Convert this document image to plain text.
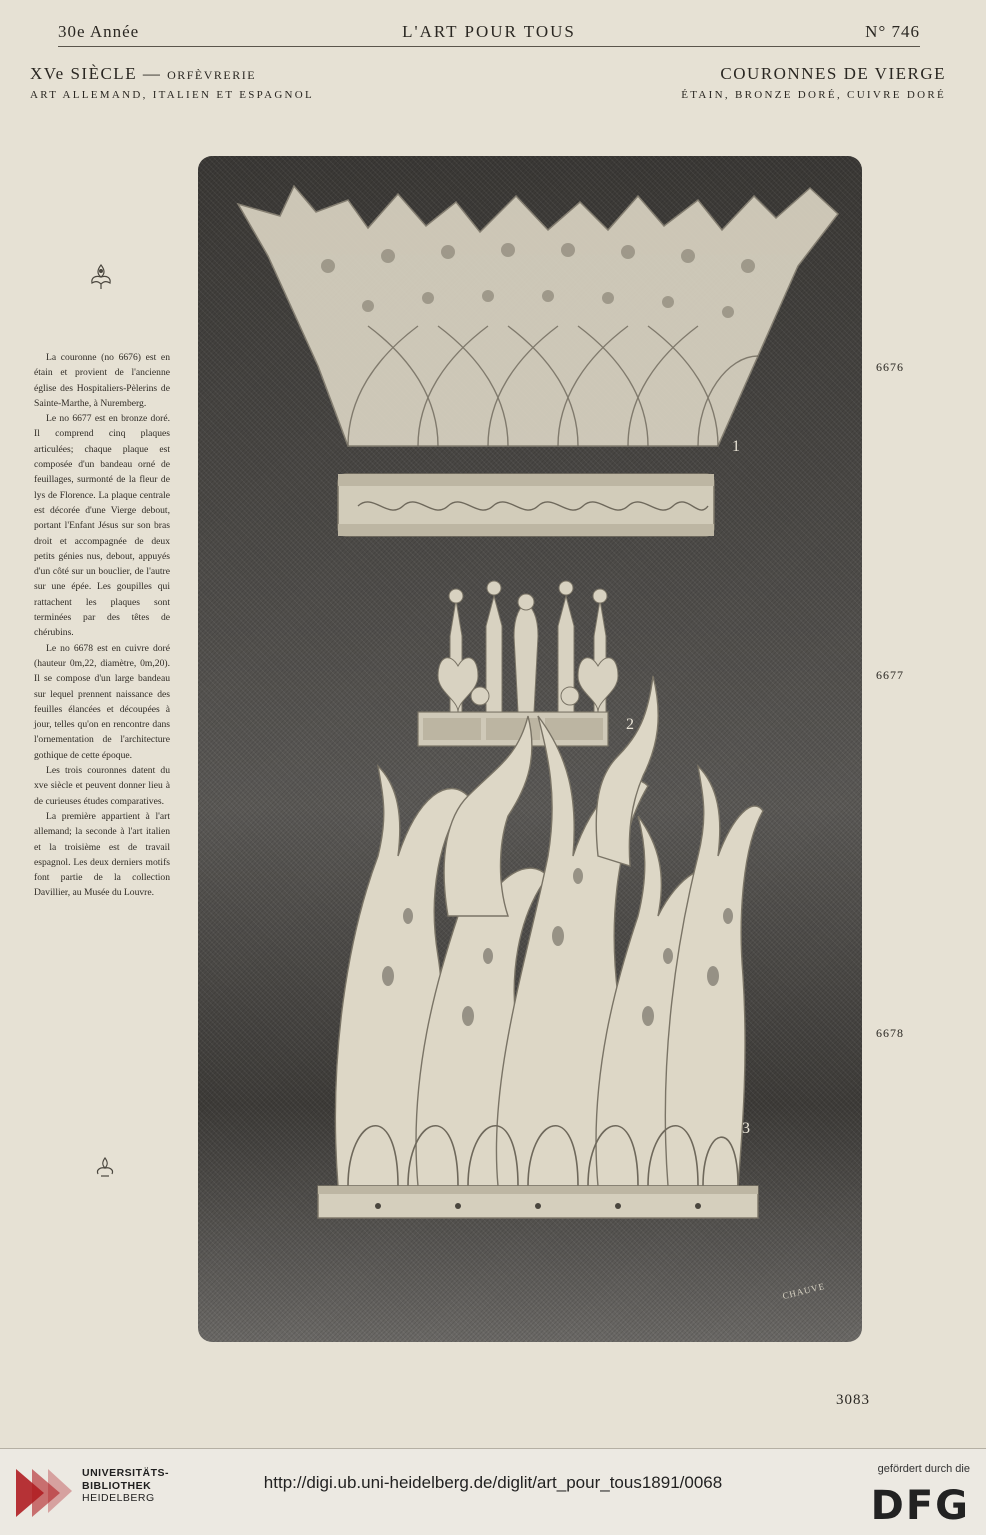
30e Année	L'ART POUR TOUS	N° 746
XVe SIÈCLE — ORFÈVRERIE
ART ALLEMAND, ITALIEN ET ESPAGNOL
COURONNES DE VIERGE
ÉTAIN, BRONZE DORÉ, CUIVRE DORÉ

La couronne (no 6676) est en étain et provient de l'ancienne église des Hospitaliers-Pèlerins de Sainte-Marthe, à Nuremberg.

Le no 6677 est en bronze doré. Il comprend cinq plaques articulées; chaque plaque est composée d'un bandeau orné de feuillages, surmonté de la fleur de lys de Florence. La plaque centrale est décorée d'une Vierge debout, portant l'Enfant Jésus sur son bras droit et accompagnée de deux petits génies nus, debout, appuyés d'un côté sur un bouclier, de l'autre sur une épée. Les goupilles qui rattachent les plaques sont terminées par des têtes de chérubins.

Le no 6678 est en cuivre doré (hauteur 0m,22, diamètre, 0m,20). Il se compose d'un large bandeau sur lequel prennent naissance des feuilles élancées et découpées à jour, telles qu'on en rencontre dans l'ornementation de l'architecture gothique de cette époque.

Les trois couronnes datent du xve siècle et peuvent donner lieu à de curieuses études comparatives.

La première appartient à l'art allemand; la seconde à l'art italien et la troisième est de travail espagnol. Les deux derniers motifs font partie de la collection Davillier, au Musée du Louvre.

1
2
3
CHAUVE
6676
6677
6678
3083
UNIVERSITÄTS-
BIBLIOTHEK
HEIDELBERG
http://digi.ub.uni-heidelberg.de/diglit/art_pour_tous1891/0068
gefördert durch die
DFG
